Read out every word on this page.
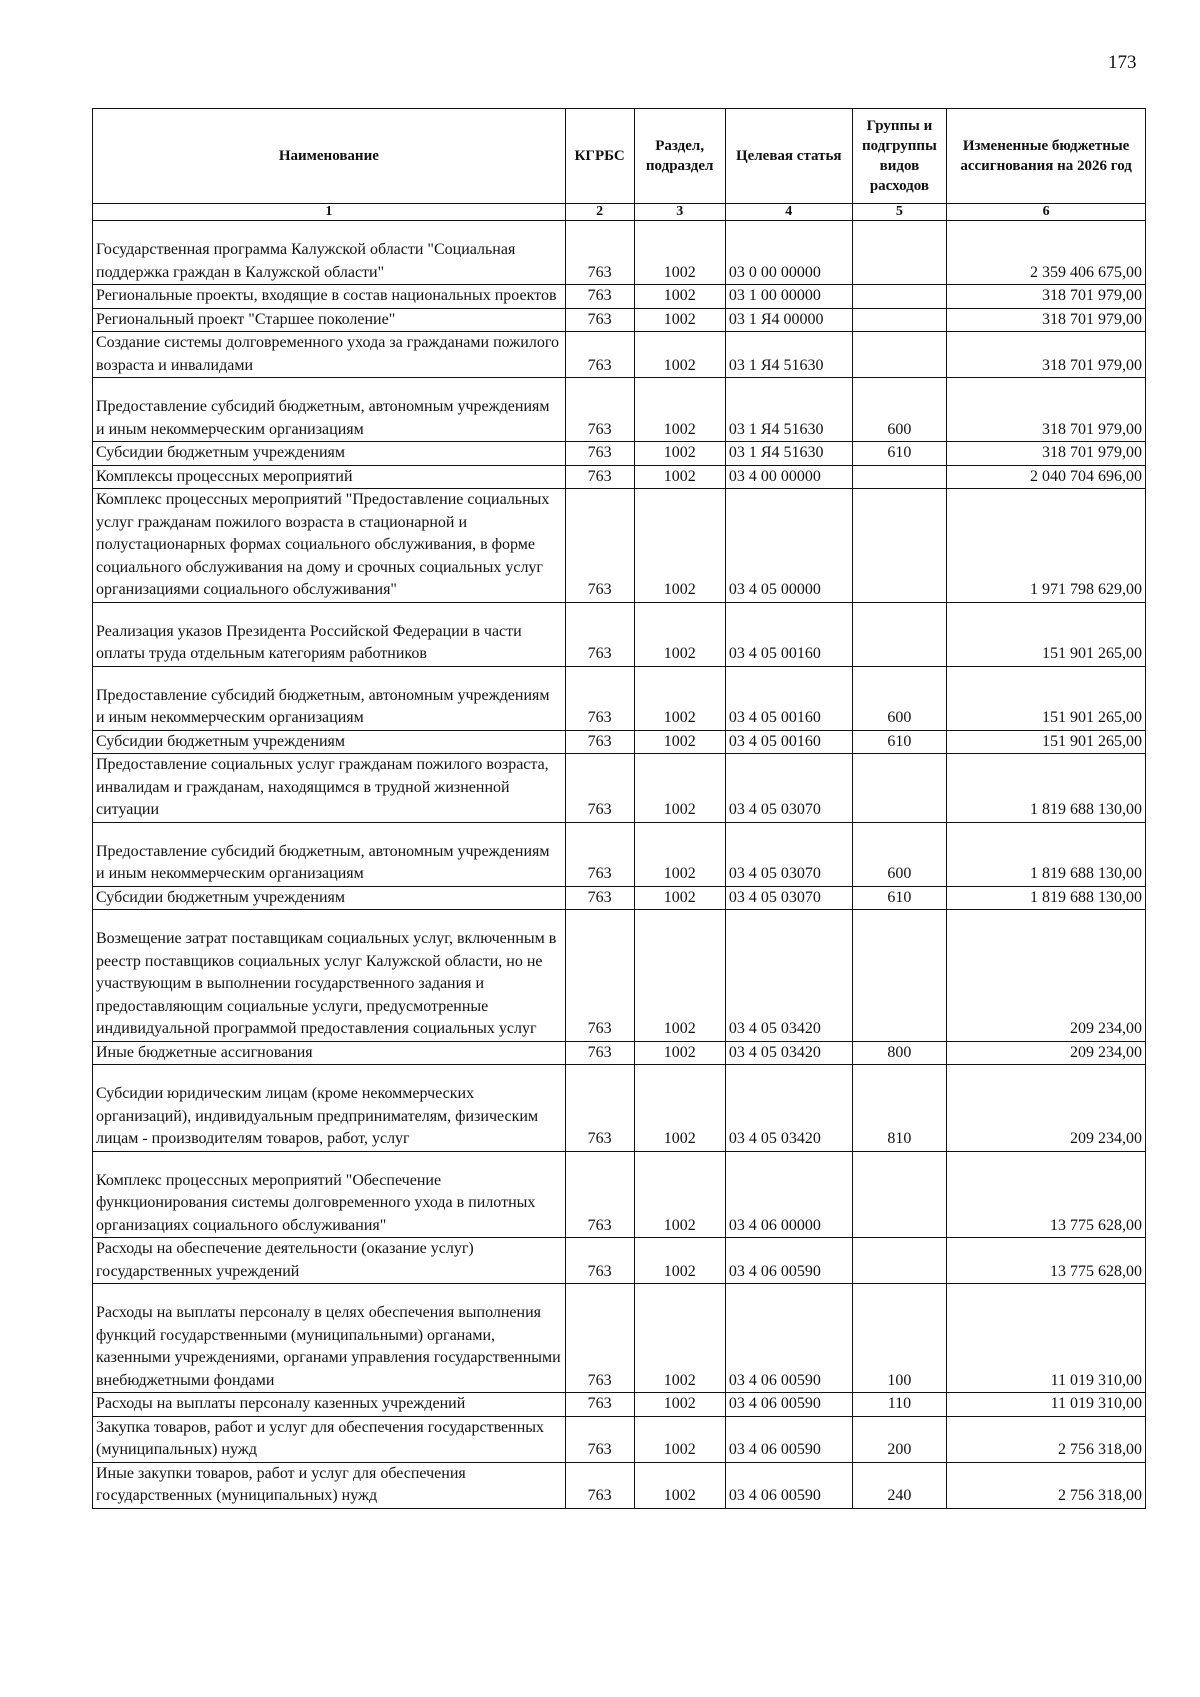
173
Наименование	КГРБС	Раздел, подраздел	Целевая статья	Группы и подгруппы видов расходов	Измененные бюджетные ассигнования на 2026 год
1	2	3	4	5	6
Государственная программа Калужской области "Социальная поддержка граждан в Калужской области"	763	1002	03 0 00 00000		2 359 406 675,00
Региональные проекты, входящие в состав национальных проектов	763	1002	03 1 00 00000		318 701 979,00
Региональный проект "Старшее поколение"	763	1002	03 1 Я4 00000		318 701 979,00
Создание системы долговременного ухода за гражданами пожилого возраста и инвалидами	763	1002	03 1 Я4 51630		318 701 979,00
Предоставление субсидий бюджетным, автономным учреждениям и иным некоммерческим организациям	763	1002	03 1 Я4 51630	600	318 701 979,00
Субсидии бюджетным учреждениям	763	1002	03 1 Я4 51630	610	318 701 979,00
Комплексы процессных мероприятий	763	1002	03 4 00 00000		2 040 704 696,00
Комплекс процессных мероприятий "Предоставление социальных услуг гражданам пожилого возраста в стационарной и полустационарных формах социального обслуживания, в форме социального обслуживания на дому и срочных социальных услуг организациями социального обслуживания"	763	1002	03 4 05 00000		1 971 798 629,00
Реализация указов Президента Российской Федерации в части оплаты труда отдельным категориям работников	763	1002	03 4 05 00160		151 901 265,00
Предоставление субсидий бюджетным, автономным учреждениям и иным некоммерческим организациям	763	1002	03 4 05 00160	600	151 901 265,00
Субсидии бюджетным учреждениям	763	1002	03 4 05 00160	610	151 901 265,00
Предоставление социальных услуг гражданам пожилого возраста, инвалидам и гражданам, находящимся в трудной жизненной ситуации	763	1002	03 4 05 03070		1 819 688 130,00
Предоставление субсидий бюджетным, автономным учреждениям и иным некоммерческим организациям	763	1002	03 4 05 03070	600	1 819 688 130,00
Субсидии бюджетным учреждениям	763	1002	03 4 05 03070	610	1 819 688 130,00
Возмещение затрат поставщикам социальных услуг, включенным в реестр поставщиков социальных услуг Калужской области, но не участвующим в выполнении государственного задания и предоставляющим социальные услуги, предусмотренные индивидуальной программой предоставления социальных услуг	763	1002	03 4 05 03420		209 234,00
Иные бюджетные ассигнования	763	1002	03 4 05 03420	800	209 234,00
Субсидии юридическим лицам (кроме некоммерческих организаций), индивидуальным предпринимателям, физическим лицам - производителям товаров, работ, услуг	763	1002	03 4 05 03420	810	209 234,00
Комплекс процессных мероприятий "Обеспечение функционирования системы долговременного ухода в пилотных организациях социального обслуживания"	763	1002	03 4 06 00000		13 775 628,00
Расходы на обеспечение деятельности (оказание услуг) государственных учреждений	763	1002	03 4 06 00590		13 775 628,00
Расходы на выплаты персоналу в целях обеспечения выполнения функций государственными (муниципальными) органами, казенными учреждениями, органами управления государственными внебюджетными фондами	763	1002	03 4 06 00590	100	11 019 310,00
Расходы на выплаты персоналу казенных учреждений	763	1002	03 4 06 00590	110	11 019 310,00
Закупка товаров, работ и услуг для обеспечения государственных (муниципальных) нужд	763	1002	03 4 06 00590	200	2 756 318,00
Иные закупки товаров, работ и услуг для обеспечения государственных (муниципальных) нужд	763	1002	03 4 06 00590	240	2 756 318,00
